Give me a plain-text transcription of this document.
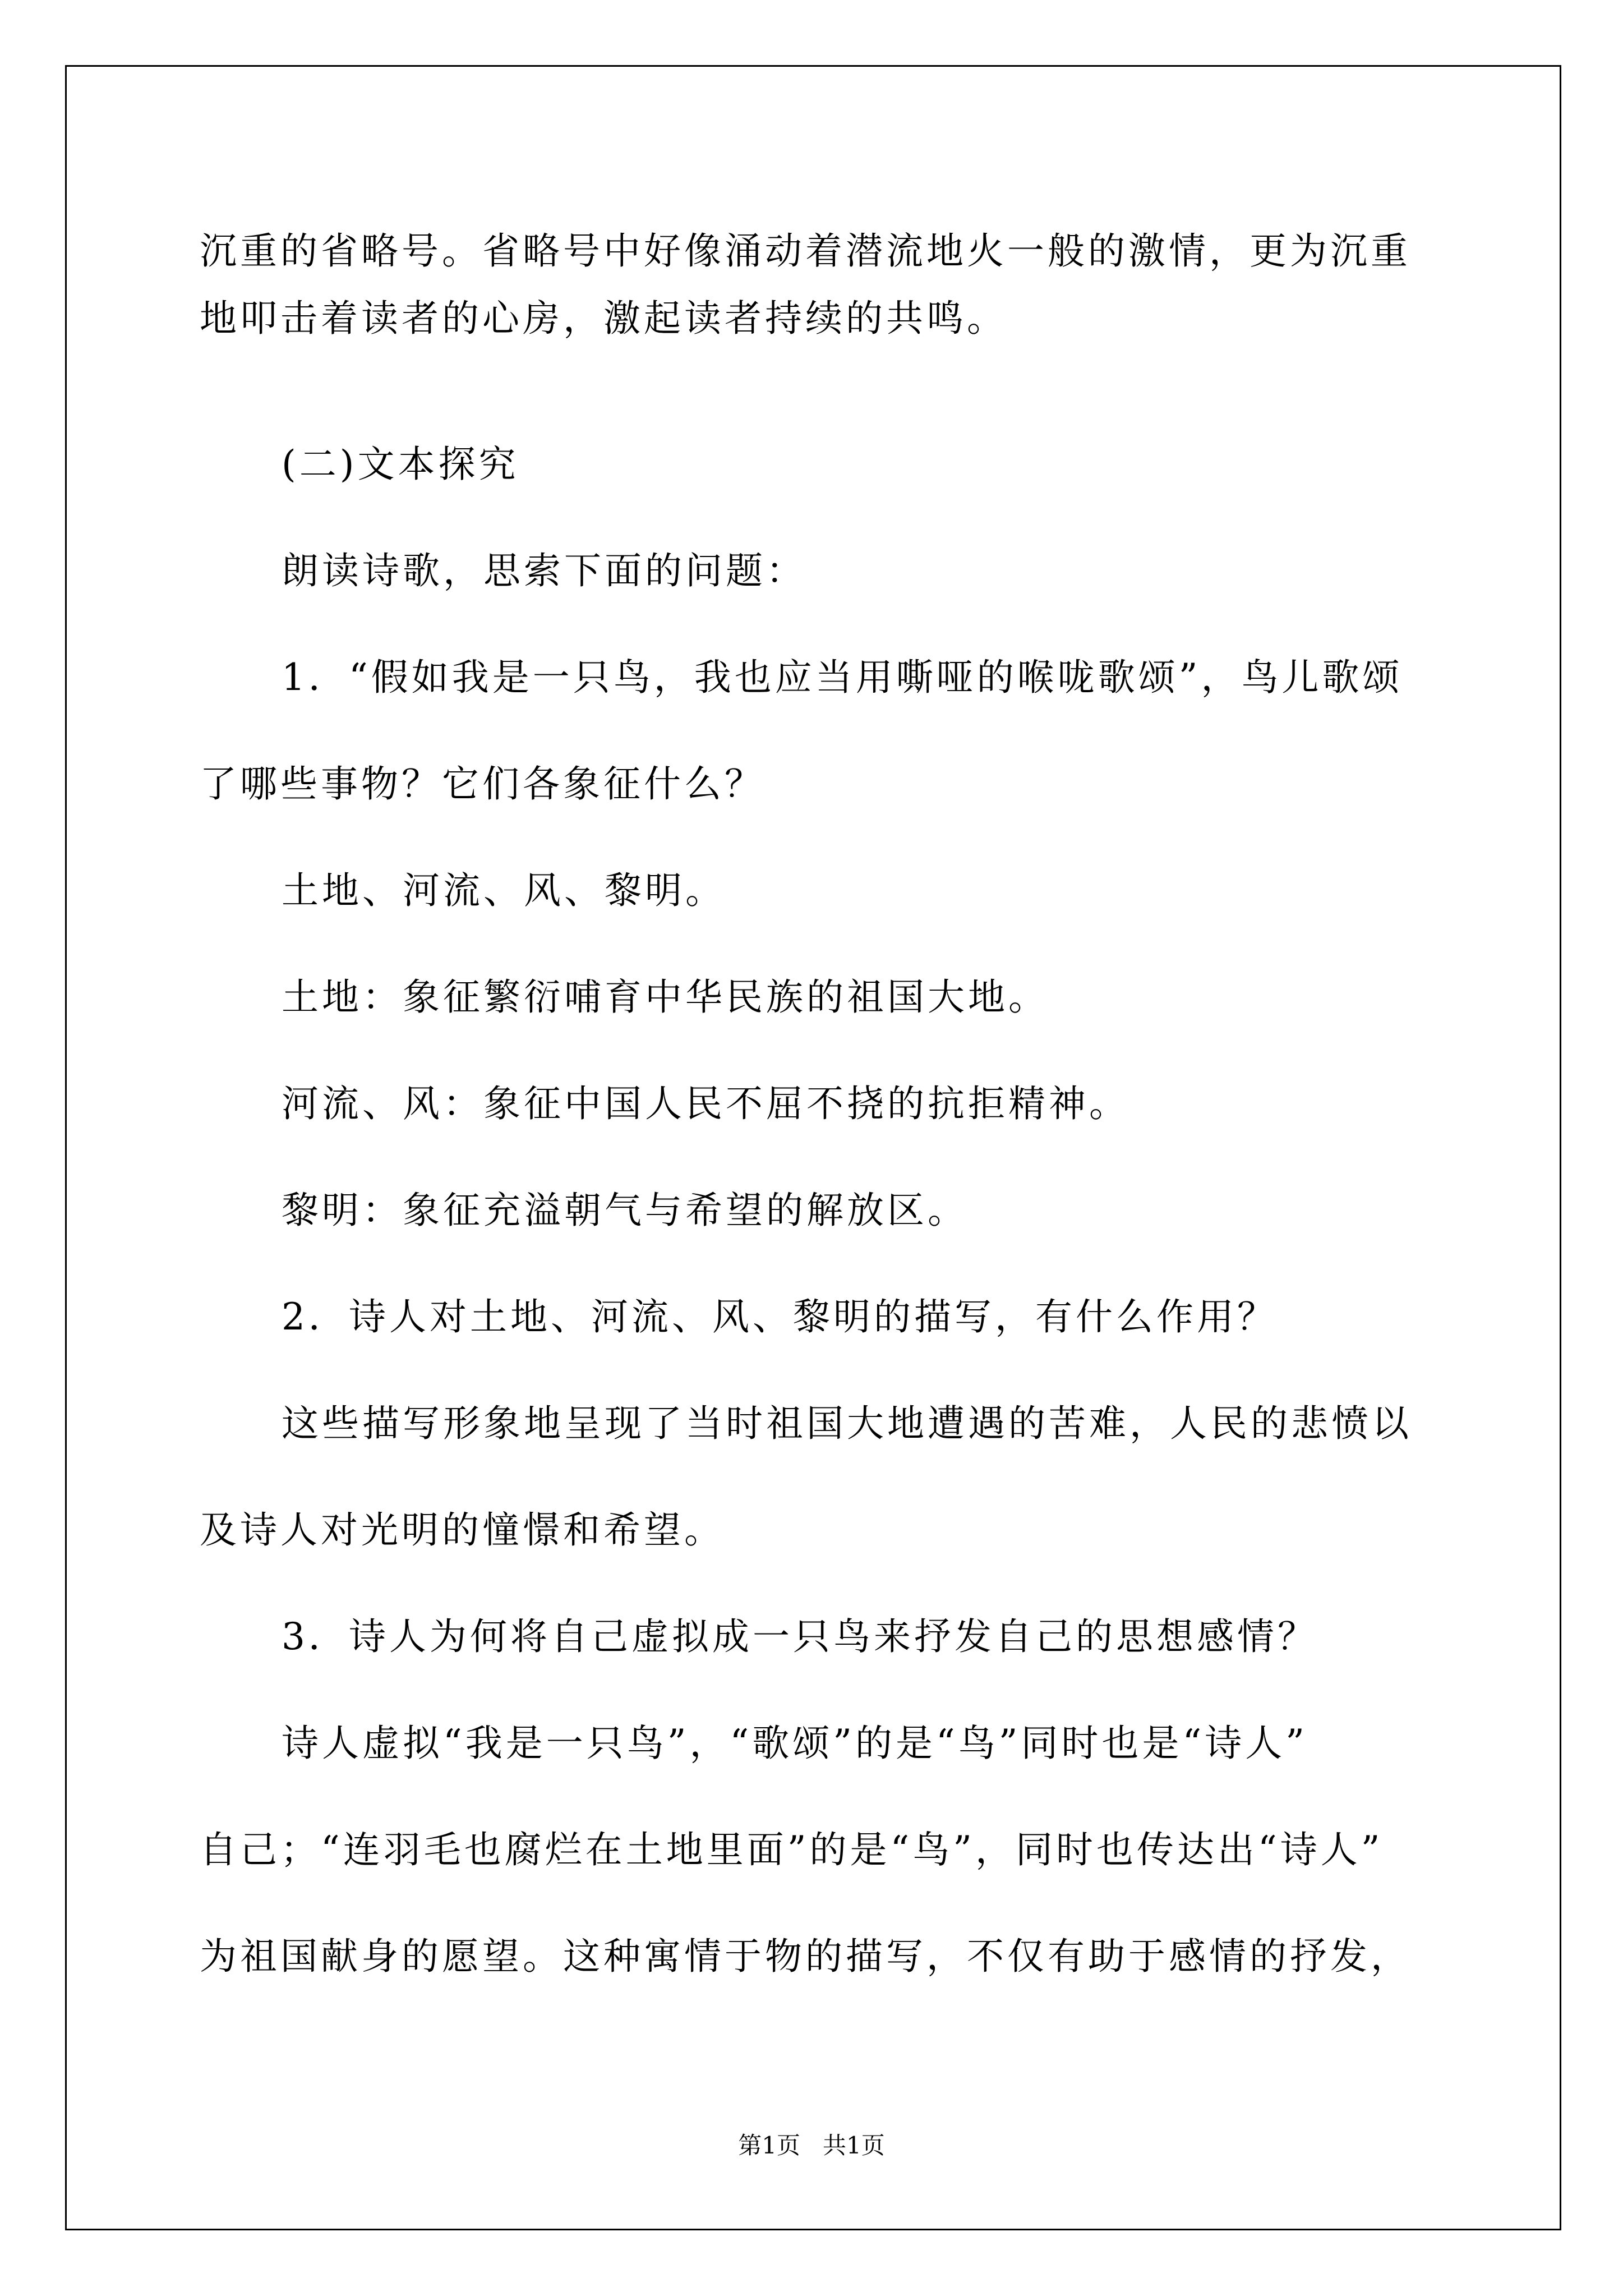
沉重的省略号。省略号中好像涌动着潜流地火一般的激情，更为沉重
地叩击着读者的心房，激起读者持续的共鸣。
(二)文本探究
朗读诗歌，思索下面的问题：
1．“假如我是一只鸟，我也应当用嘶哑的喉咙歌颂”，鸟儿歌颂
了哪些事物？它们各象征什么？
土地、河流、风、黎明。
土地：象征繁衍哺育中华民族的祖国大地。
河流、风：象征中国人民不屈不挠的抗拒精神。
黎明：象征充溢朝气与希望的解放区。
2．诗人对土地、河流、风、黎明的描写，有什么作用？
这些描写形象地呈现了当时祖国大地遭遇的苦难，人民的悲愤以
及诗人对光明的憧憬和希望。
3．诗人为何将自己虚拟成一只鸟来抒发自己的思想感情？
诗人虚拟“我是一只鸟”，“歌颂”的是“鸟”同时也是“诗人”
自己；“连羽毛也腐烂在土地里面”的是“鸟”，同时也传达出“诗人”
为祖国献身的愿望。这种寓情于物的描写，不仅有助于感情的抒发，
第1页   共1页
